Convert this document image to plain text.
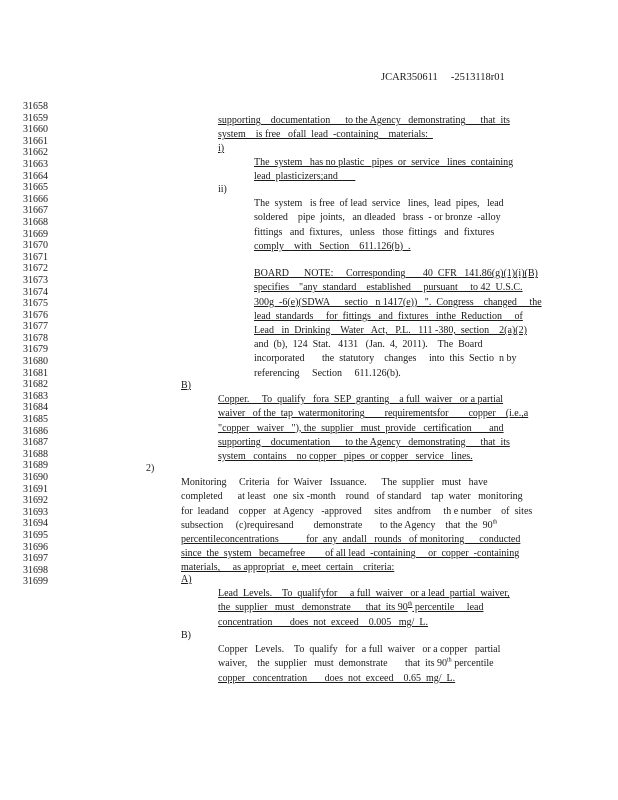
JCAR350611     -2513118r01
31658
31659
31660
31661
31662
31663
31664
31665
31666
31667
31668
31669
31670
31671
31672
31673
31674
31675
31676
31677
31678
31679
31680
31681
31682
31683
31684
31685
31686
31687
31688
31689
31690
31691
31692
31693
31694
31695
31696
31697
31698
31699

supporting    documentation      to the Agency   demonstrating      that  its
system    is free   ofall  lead  -containing    materials:

i)

The  system   has no plastic   pipes  or  service   lines  containing
lead  plasticizers;and

ii)

The  system   is free  of lead  service   lines,  lead  pipes,   lead
soldered    pipe  joints,   an dleaded   brass  - or bronze  -alloy
fittings   and  fixtures,   unless   those  fittings   and  fixtures
comply    with   Section    611.126(b)  .

BOARD      NOTE:     Corresponding       40  CFR   141.86(g)(1)(i)(B)
specifies    "any  standard    established     pursuant     to 42  U.S.C.
300g  -6(e)(SDWA      sectio   n 1417(e))   ".  Congress    changed     the
lead  standards     for  fittings   and  fixtures   inthe  Reduction     of
Lead   in  Drinking    Water   Act,   P.L.   111 -380,  section    2(a)(2)
and  (b),  124  Stat.   4131   (Jan.  4,  2011).    The  Board
incorporated       the  statutory    changes     into  this  Sectio  n by
referencing     Section     611.126(b).

B)

Copper.     To  qualify   fora  SEP  granting    a full  waiver   or a partial
waiver   of the  tap  watermonitoring        requirementsfor        copper    (i.e.,a
"copper   waiver   "), the  supplier   must  provide   certification       and
supporting    documentation      to the Agency   demonstrating      that  its
system   contains    no copper   pipes  or copper   service   lines.

2)

Monitoring     Criteria   for  Waiver   Issuance.      The  supplier   must   have
completed      at least   one  six -month    round   of standard    tap  water   monitoring
for  leadand    copper   at Agency   -approved     sites  andfrom     th e number    of  sites
subsection     (c)requiresand        demonstrate       to the Agency    that  the  90th
percentileconcentrations           for  any  andall   rounds   of monitoring      conducted
since  the  system   becamefree        of all lead  -containing     or  copper  -containing
materials,     as appropriat   e, meet  certain    criteria:

A)

Lead  Levels.    To  qualifyfor     a full  waiver   or a lead  partial  waiver,
the  supplier   must   demonstrate      that  its 90th percentile     lead
concentration       does  not  exceed    0.005   mg/  L.

B)

Copper   Levels.    To  qualify   for  a full  waiver   or a copper   partial
waiver,    the  supplier   must  demonstrate       that  its 90th percentile
copper   concentration       does  not  exceed    0.65  mg/  L.
